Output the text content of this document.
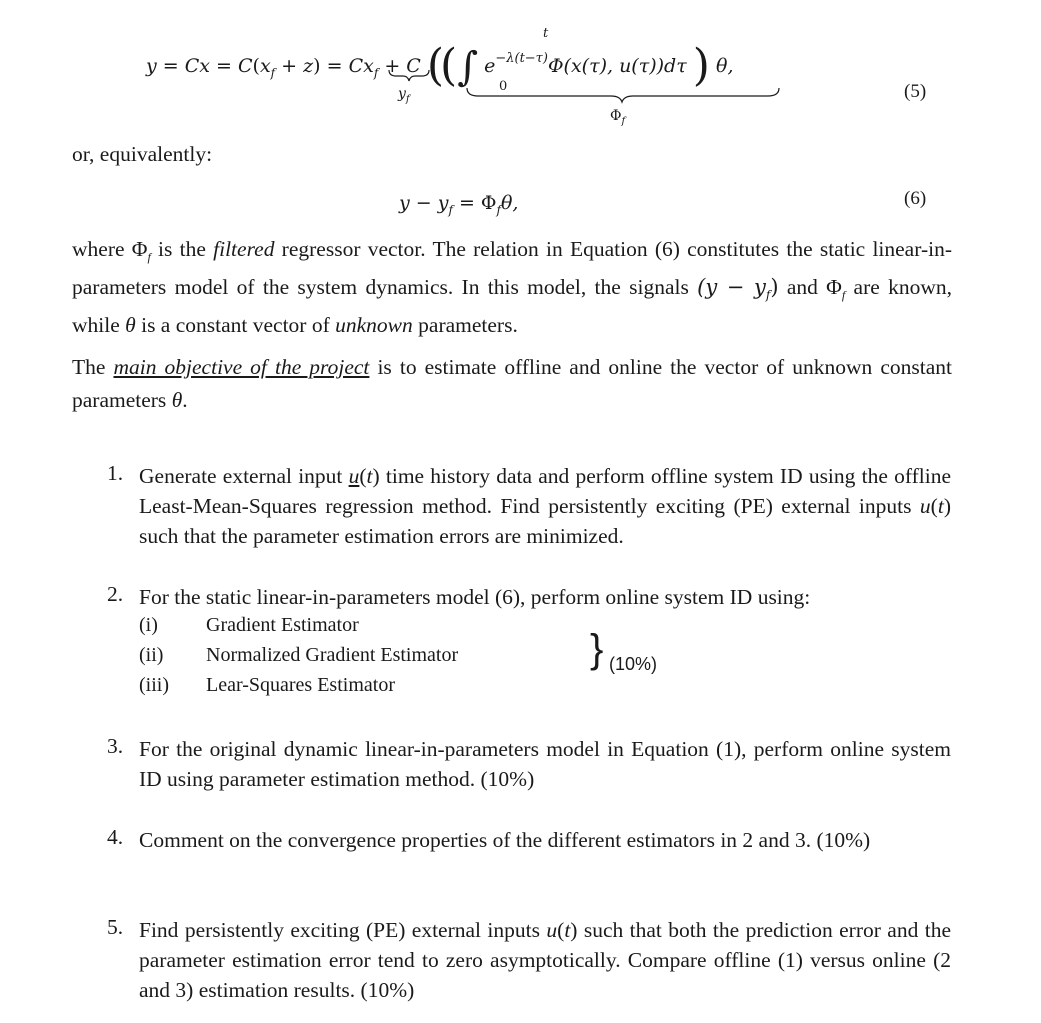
$y = Cx = C(x_f + z) = Cx_f + C$ ((∫ $e^{-\lambda(t-\tau)}\Phi(x(\tau)$, u(τ))dτ ) θ,
t
0
$y_f$
$\Phi_f$
(5)
or, equivalently:
$y - y_f = \Phi_f\theta$,	(6)
where $\Phi_f$ is the filtered regressor vector. The relation in Equation (6) constitutes the static linear-in-parameters model of the system dynamics. In this model, the signals $(y - y_f)$ and $\Phi_f$ are known, while θ is a constant vector of unknown parameters.
The main objective of the project is to estimate offline and online the vector of unknown constant parameters θ.
1. Generate external input u(t) time history data and perform offline system ID using the offline Least-Mean-Squares regression method. Find persistently exciting (PE) external inputs u(t) such that the parameter estimation errors are minimized.
2. For the static linear-in-parameters model (6), perform online system ID using:
(i) Gradient Estimator
(ii) Normalized Gradient Estimator
(iii) Lear-Squares Estimator
} (10%)
3. For the original dynamic linear-in-parameters model in Equation (1), perform online system ID using parameter estimation method. (10%)
4. Comment on the convergence properties of the different estimators in 2 and 3. (10%)
5. Find persistently exciting (PE) external inputs u(t) such that both the prediction error and the parameter estimation error tend to zero asymptotically. Compare offline (1) versus online (2 and 3) estimation results. (10%)
